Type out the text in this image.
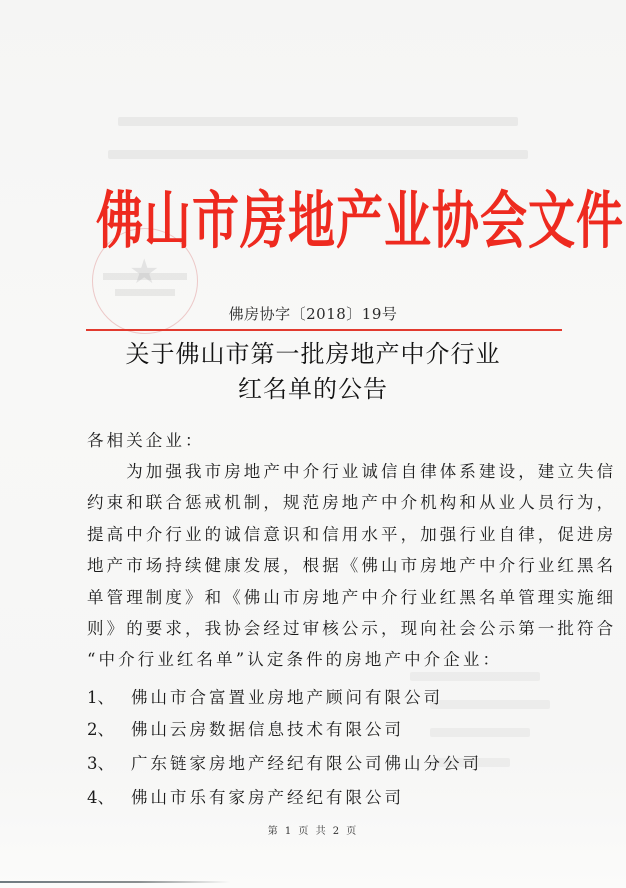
★
佛山市房地产业协会文件
佛房协字〔2018〕19号
关于佛山市第一批房地产中介行业
红名单的公告
各相关企业：
　　为加强我市房地产中介行业诚信自律体系建设，建立失信
约束和联合惩戒机制，规范房地产中介机构和从业人员行为，
提高中介行业的诚信意识和信用水平，加强行业自律，促进房
地产市场持续健康发展，根据《佛山市房地产中介行业红黑名
单管理制度》和《佛山市房地产中介行业红黑名单管理实施细
则》的要求，我协会经过审核公示，现向社会公示第一批符合
“中介行业红名单”认定条件的房地产中介企业：
1、 佛山市合富置业房地产顾问有限公司
2、 佛山云房数据信息技术有限公司
3、 广东链家房地产经纪有限公司佛山分公司
4、 佛山市乐有家房产经纪有限公司
第 1 页 共 2 页
